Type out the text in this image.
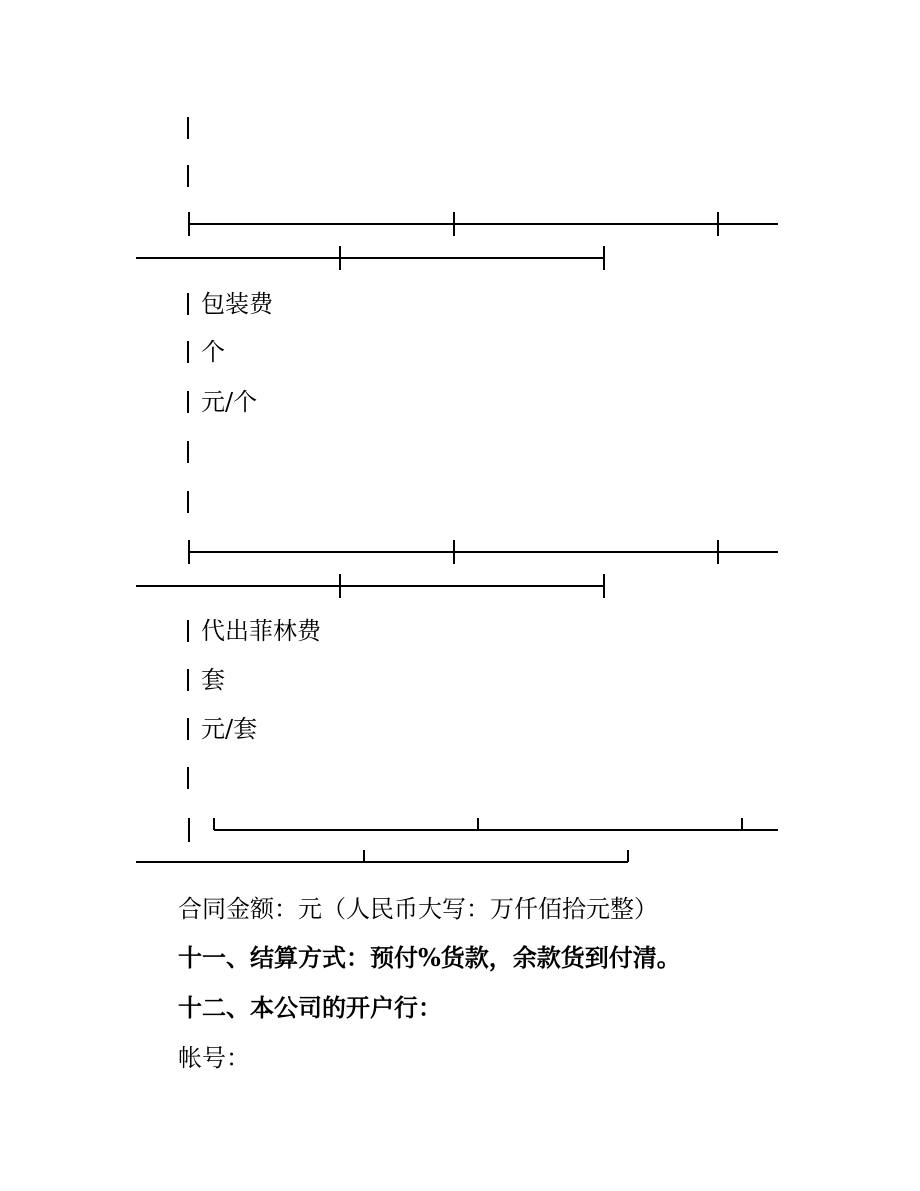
包装费
个
元/个
代出菲林费
套
元/套
合同金额：元（人民币大写：万仟佰拾元整）
十一、结算方式：预付%货款，余款货到付清。
十二、本公司的开户行：
帐号：
